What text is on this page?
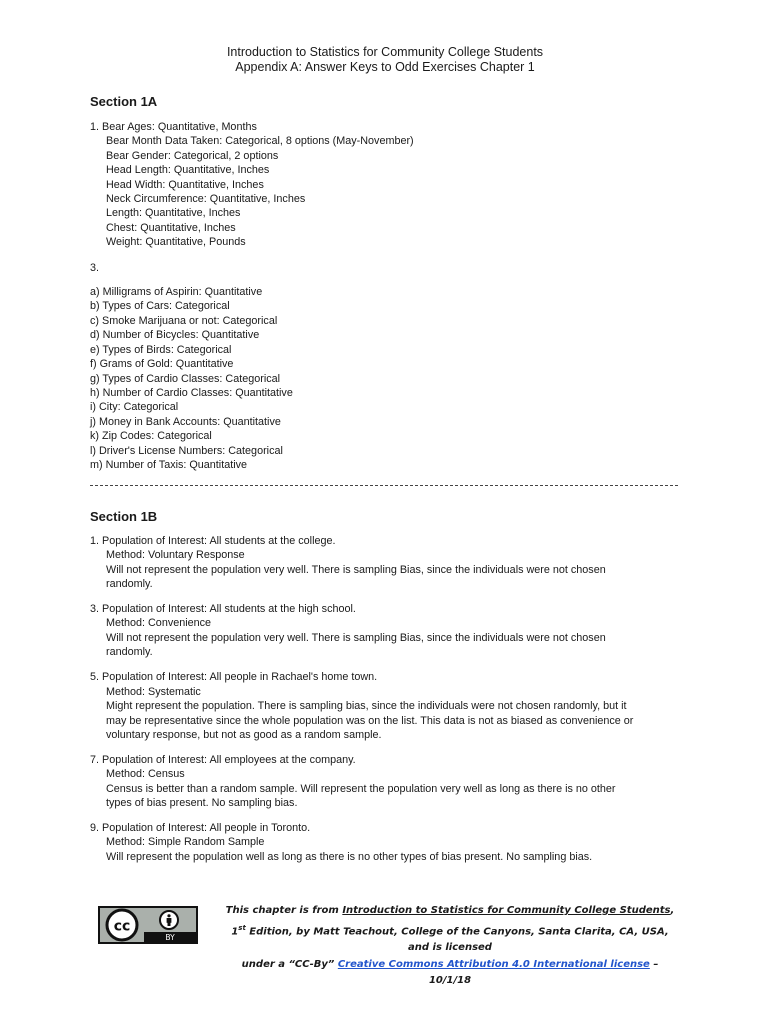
Introduction to Statistics for Community College Students
Appendix A: Answer Keys to Odd Exercises Chapter 1
Section 1A
1. Bear Ages: Quantitative, Months
Bear Month Data Taken: Categorical, 8 options (May-November)
Bear Gender: Categorical, 2 options
Head Length: Quantitative, Inches
Head Width: Quantitative, Inches
Neck Circumference: Quantitative, Inches
Length: Quantitative, Inches
Chest: Quantitative, Inches
Weight: Quantitative, Pounds
3.
a) Milligrams of Aspirin: Quantitative
b) Types of Cars: Categorical
c) Smoke Marijuana or not: Categorical
d) Number of Bicycles: Quantitative
e) Types of Birds: Categorical
f) Grams of Gold: Quantitative
g) Types of Cardio Classes: Categorical
h) Number of Cardio Classes: Quantitative
i) City: Categorical
j) Money in Bank Accounts: Quantitative
k) Zip Codes: Categorical
l) Driver's License Numbers: Categorical
m) Number of Taxis: Quantitative
Section 1B
1. Population of Interest: All students at the college.
Method: Voluntary Response
Will not represent the population very well. There is sampling Bias, since the individuals were not chosen
randomly.
3. Population of Interest: All students at the high school.
Method: Convenience
Will not represent the population very well. There is sampling Bias, since the individuals were not chosen
randomly.
5. Population of Interest: All people in Rachael's home town.
Method: Systematic
Might represent the population. There is sampling bias, since the individuals were not chosen randomly, but it
may be representative since the whole population was on the list. This data is not as biased as convenience or
voluntary response, but not as good as a random sample.
7. Population of Interest: All employees at the company.
Method: Census
Census is better than a random sample. Will represent the population very well as long as there is no other
types of bias present. No sampling bias.
9. Population of Interest: All people in Toronto.
Method: Simple Random Sample
Will represent the population well as long as there is no other types of bias present. No sampling bias.
cc
BY
This chapter is from Introduction to Statistics for Community College Students,
1st Edition, by Matt Teachout, College of the Canyons, Santa Clarita, CA, USA, and is licensed
under a “CC-By” Creative Commons Attribution 4.0 International license – 10/1/18
